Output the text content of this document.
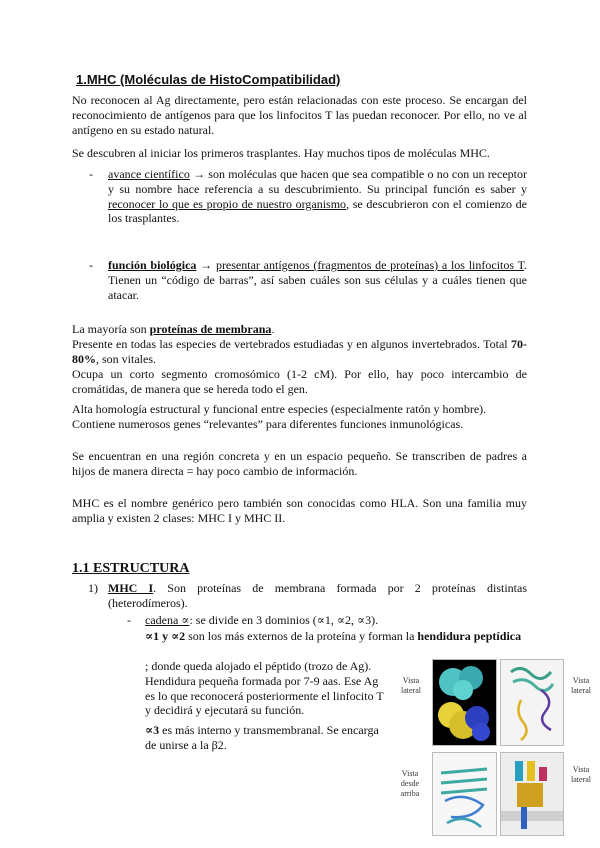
1.MHC (Moléculas de HistoCompatibilidad)
No reconocen al Ag directamente, pero están relacionadas con este proceso. Se encargan del reconocimiento de antígenos para que los linfocitos T las puedan reconocer. Por ello, no ve al antígeno en su estado natural.
Se descubren al iniciar los primeros trasplantes. Hay muchos tipos de moléculas MHC.
- avance científico → son moléculas que hacen que sea compatible o no con un receptor y su nombre hace referencia a su descubrimiento. Su principal función es saber y reconocer lo que es propio de nuestro organismo, se descubrieron con el comienzo de los trasplantes.
- función biológica → presentar antígenos (fragmentos de proteínas) a los linfocitos T. Tienen un “código de barras”, así saben cuáles son sus células y a cuáles tienen que atacar.
La mayoría son proteínas de membrana.
Presente en todas las especies de vertebrados estudiadas y en algunos invertebrados. Total 70-80%, son vitales.
Ocupa un corto segmento cromosómico (1-2 cM). Por ello, hay poco intercambio de cromátidas, de manera que se hereda todo el gen.
Alta homología estructural y funcional entre especies (especialmente ratón y hombre).
Contiene numerosos genes “relevantes” para diferentes funciones inmunológicas.
Se encuentran en una región concreta y en un espacio pequeño. Se transcriben de padres a hijos de manera directa = hay poco cambio de información.
MHC es el nombre genérico pero también son conocidas como HLA. Son una familia muy amplia y existen 2 clases: MHC I y MHC II.
1.1 ESTRUCTURA
1) MHC I. Son proteínas de membrana formada por 2 proteínas distintas (heterodímeros).
- cadena ∝: se divide en 3 dominios (∝1, ∝2, ∝3).
∝1 y ∝2 son los más externos de la proteína y forman la hendidura peptídica
; donde queda alojado el péptido (trozo de Ag). Hendidura pequeña formada por 7-9 aas. Ese Ag es lo que reconocerá posteriormente el linfocito T y decidirá y ejecutará su función.
∝3 es más interno y transmembranal. Se encarga de unirse a la β2.
Vista lateral
Vista lateral
Vista desde arriba
Vista lateral
